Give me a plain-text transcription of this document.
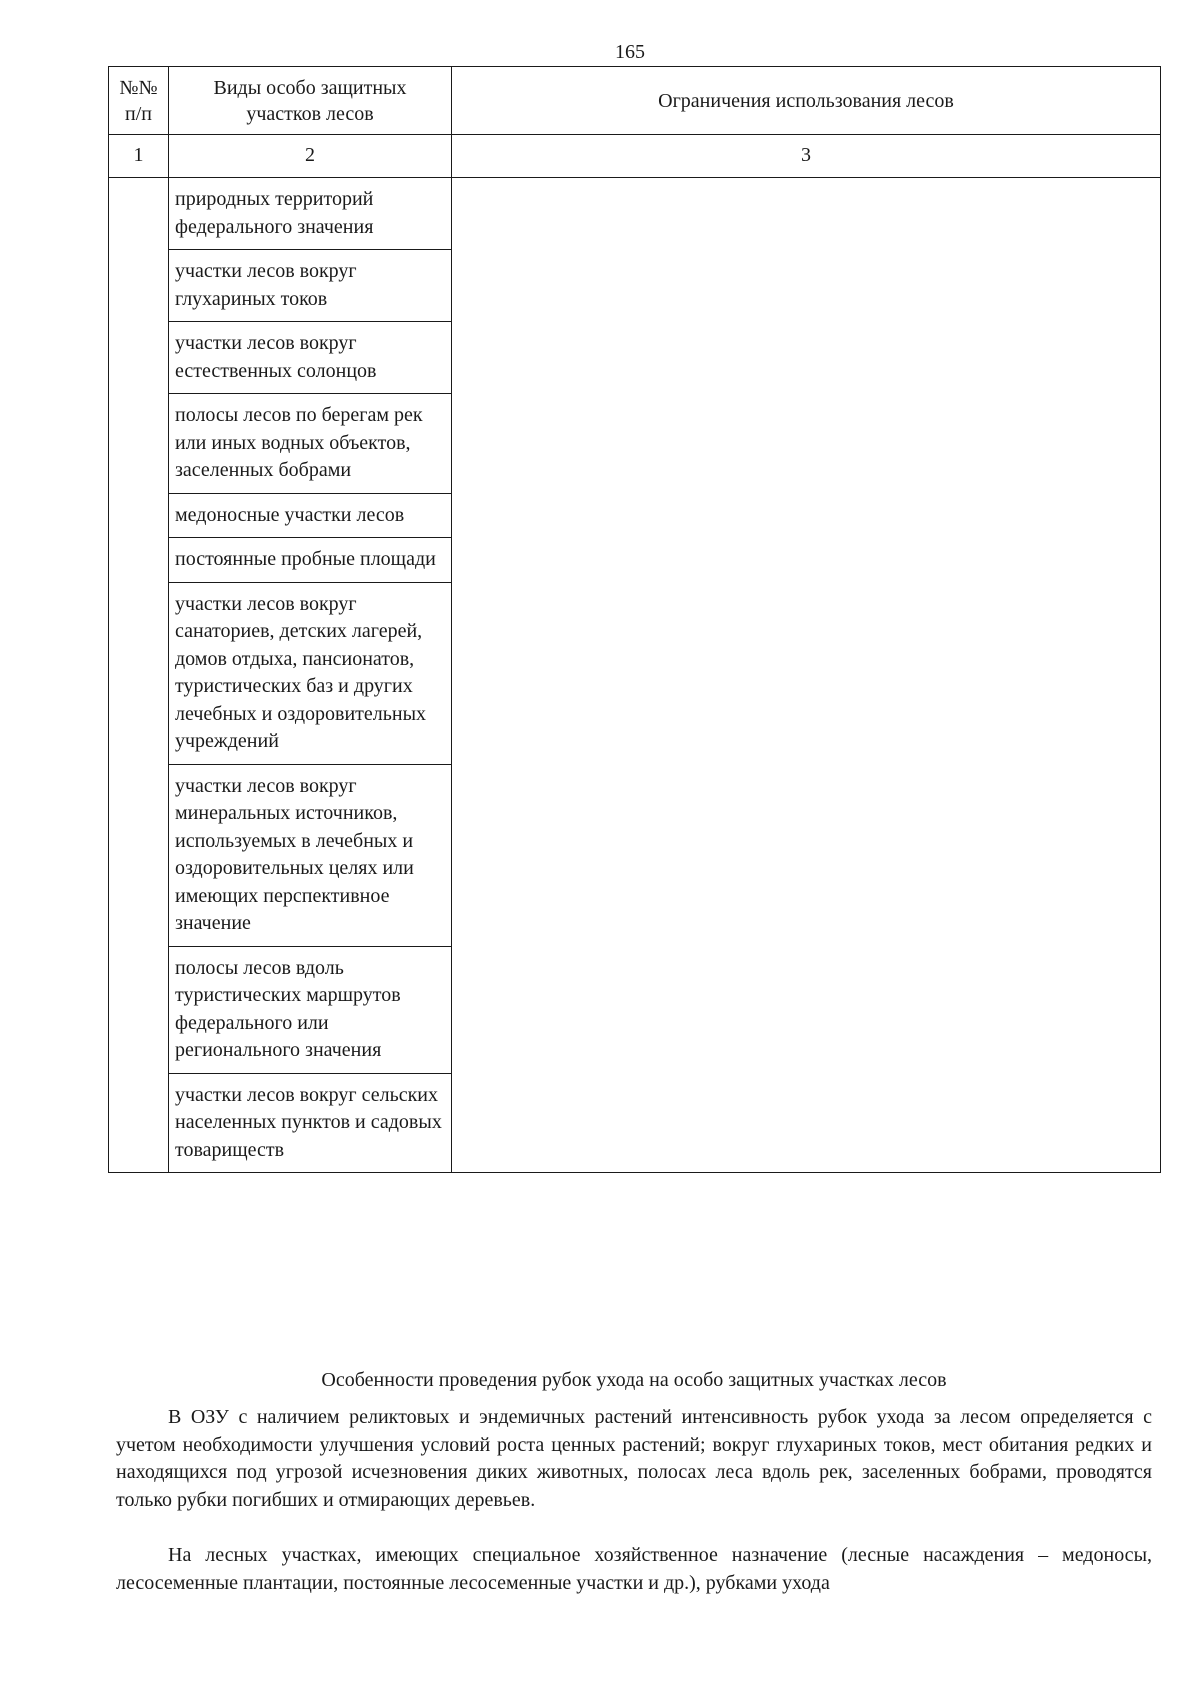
165
№№ п/п	Виды особо защитных участков лесов	Ограничения использования лесов
1	2	3
	природных территорий федерального значения	
	участки лесов вокруг глухариных токов	
	участки лесов вокруг естественных солонцов	
	полосы лесов по берегам рек или иных водных объектов, заселенных бобрами	
	медоносные участки лесов	
	постоянные пробные площади	
	участки лесов вокруг санаториев, детских лагерей, домов отдыха, пансионатов, туристических баз и других лечебных и оздоровительных учреждений	
	участки лесов вокруг минеральных источников, используемых в лечебных и оздоровительных целях или имеющих перспективное значение	
	полосы лесов вдоль туристических маршрутов федерального или регионального значения	
	участки лесов вокруг сельских населенных пунктов и садовых товариществ	
Особенности проведения рубок ухода на особо защитных участках лесов

В ОЗУ с наличием реликтовых и эндемичных растений интенсивность рубок ухода за лесом определяется с учетом необходимости улучшения условий роста ценных растений; вокруг глухариных токов, мест обитания редких и находящихся под угрозой исчезновения диких животных, полосах леса вдоль рек, заселенных бобрами, проводятся только рубки погибших и отмирающих деревьев.

На лесных участках, имеющих специальное хозяйственное назначение (лесные насаждения – медоносы, лесосеменные плантации, постоянные лесосеменные участки и др.), рубками ухода
